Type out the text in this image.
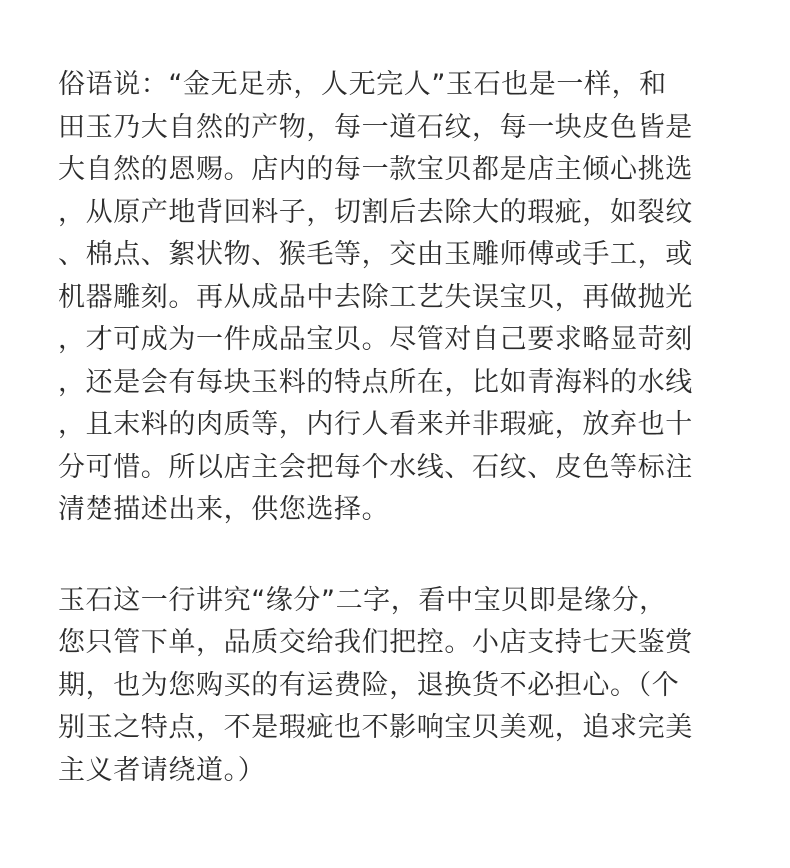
俗语说：“金无足赤，人无完人”玉石也是一样，和
田玉乃大自然的产物，每一道石纹，每一块皮色皆是
大自然的恩赐。店内的每一款宝贝都是店主倾心挑选
，从原产地背回料子，切割后去除大的瑕疵，如裂纹
、棉点、絮状物、猴毛等，交由玉雕师傅或手工，或
机器雕刻。再从成品中去除工艺失误宝贝，再做抛光
，才可成为一件成品宝贝。尽管对自己要求略显苛刻
，还是会有每块玉料的特点所在，比如青海料的水线
，且末料的肉质等，内行人看来并非瑕疵，放弃也十
分可惜。所以店主会把每个水线、石纹、皮色等标注
清楚描述出来，供您选择。
玉石这一行讲究“缘分”二字，看中宝贝即是缘分，
您只管下单，品质交给我们把控。小店支持七天鉴赏
期，也为您购买的有运费险，退换货不必担心。（个
别玉之特点，不是瑕疵也不影响宝贝美观，追求完美
主义者请绕道。）
